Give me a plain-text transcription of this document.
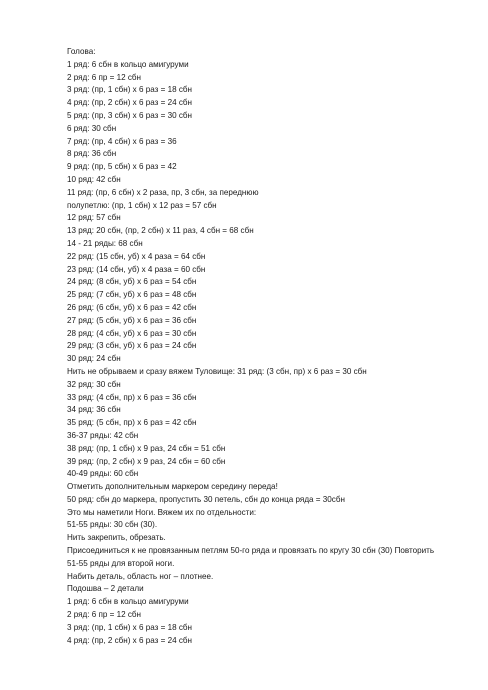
Голова:
1 ряд: 6 сбн в кольцо амигуруми
2 ряд: 6 пр = 12 сбн
3 ряд: (пр, 1 сбн) х 6 раз = 18 сбн
4 ряд: (пр, 2 сбн) х 6 раз = 24 сбн
5 ряд: (пр, 3 сбн) х 6 раз = 30 сбн
6 ряд: 30 сбн
7 ряд: (пр, 4 сбн) х 6 раз = 36
8 ряд: 36 сбн
9 ряд: (пр, 5 сбн) х 6 раз = 42
10 ряд: 42 сбн
11 ряд: (пр, 6 сбн) х 2 раза, пр, 3 сбн, за переднюю
полупетлю: (пр, 1 сбн) х 12 раз = 57 сбн
12 ряд: 57 сбн
13 ряд: 20 сбн, (пр, 2 сбн) х 11 раз, 4 сбн = 68 сбн
14 - 21 ряды: 68 сбн
22 ряд: (15 сбн, уб) х 4 раза = 64 сбн
23 ряд: (14 сбн, уб) х 4 раза = 60 сбн
24 ряд: (8 сбн, уб) х 6 раз = 54 сбн
25 ряд: (7 сбн, уб) х 6 раз = 48 сбн
26 ряд: (6 сбн, уб) х 6 раз = 42 сбн
27 ряд: (5 сбн, уб) х 6 раз = 36 сбн
28 ряд: (4 сбн, уб) х 6 раз = 30 сбн
29 ряд: (3 сбн, уб) х 6 раз = 24 сбн
30 ряд: 24 сбн
Нить не обрываем и сразу вяжем Туловище: 31 ряд: (3 сбн, пр) х 6 раз = 30 сбн
32 ряд: 30 сбн
33 ряд: (4 сбн, пр) х 6 раз = 36 сбн
34 ряд: 36 сбн
35 ряд: (5 сбн, пр) х 6 раз = 42 сбн
36-37 ряды: 42 сбн
38 ряд: (пр, 1 сбн) х 9 раз, 24 сбн = 51 сбн
39 ряд: (пр, 2 сбн) х 9 раз, 24 сбн = 60 сбн
40-49 ряды: 60 сбн
Отметить дополнительным маркером середину переда!
50 ряд: сбн до маркера, пропустить 30 петель, сбн до конца ряда = 30сбн
Это мы наметили Ноги. Вяжем их по отдельности:
51-55 ряды: 30 сбн (30).
Нить закрепить, обрезать.
Присоединиться к не провязанным петлям 50-го ряда и провязать по кругу 30 сбн (30) Повторить
51-55 ряды для второй ноги.
Набить деталь, область ног – плотнее.
Подошва – 2 детали
1 ряд: 6 сбн в кольцо амигуруми
2 ряд: 6 пр = 12 сбн
3 ряд: (пр, 1 сбн) х 6 раз = 18 сбн
4 ряд: (пр, 2 сбн) х 6 раз = 24 сбн
